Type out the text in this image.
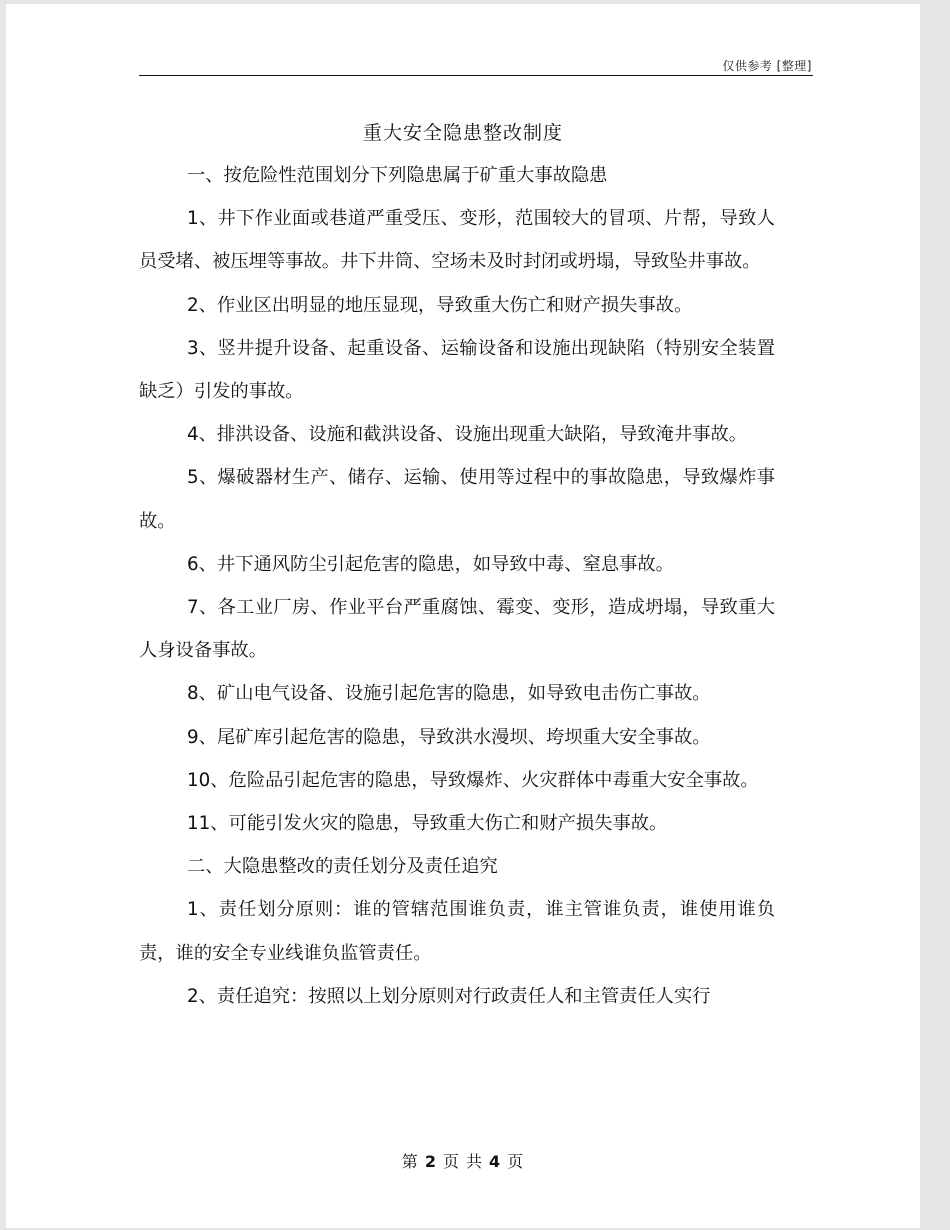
仅供参考 [整理]
重大安全隐患整改制度

一、按危险性范围划分下列隐患属于矿重大事故隐患

1、井下作业面或巷道严重受压、变形，范围较大的冒项、片帮，导致人员受堵、被压埋等事故。井下井筒、空场未及时封闭或坍塌，导致坠井事故。

2、作业区出明显的地压显现，导致重大伤亡和财产损失事故。

3、竖井提升设备、起重设备、运输设备和设施出现缺陷（特别安全装置缺乏）引发的事故。

4、排洪设备、设施和截洪设备、设施出现重大缺陷，导致淹井事故。

5、爆破器材生产、储存、运输、使用等过程中的事故隐患，导致爆炸事故。

6、井下通风防尘引起危害的隐患，如导致中毒、窒息事故。

7、各工业厂房、作业平台严重腐蚀、霉变、变形，造成坍塌，导致重大人身设备事故。

8、矿山电气设备、设施引起危害的隐患，如导致电击伤亡事故。

9、尾矿库引起危害的隐患，导致洪水漫坝、垮坝重大安全事故。

10、危险品引起危害的隐患，导致爆炸、火灾群体中毒重大安全事故。

11、可能引发火灾的隐患，导致重大伤亡和财产损失事故。

二、大隐患整改的责任划分及责任追究

1、责任划分原则：谁的管辖范围谁负责，谁主管谁负责，谁使用谁负责，谁的安全专业线谁负监管责任。

2、责任追究：按照以上划分原则对行政责任人和主管责任人实行

第 2 页 共 4 页
